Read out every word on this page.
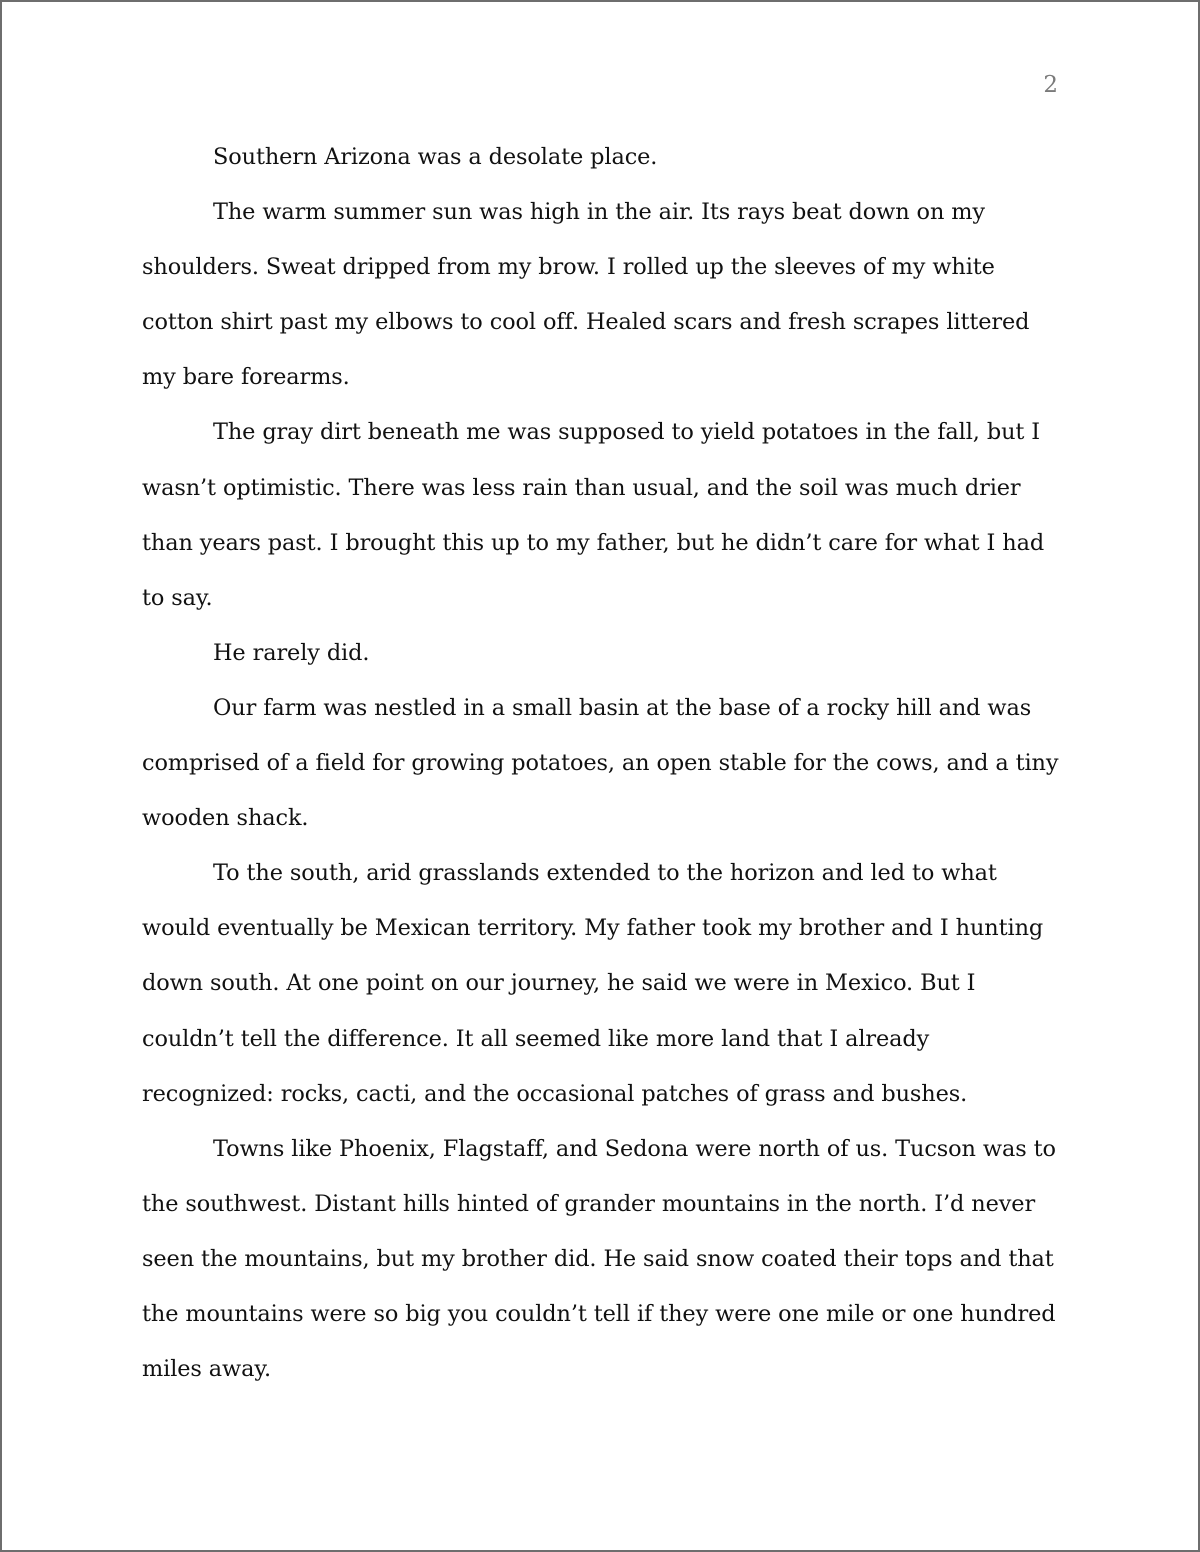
2

Southern Arizona was a desolate place.

The warm summer sun was high in the air. Its rays beat down on my shoulders. Sweat dripped from my brow. I rolled up the sleeves of my white cotton shirt past my elbows to cool off. Healed scars and fresh scrapes littered my bare forearms.

The gray dirt beneath me was supposed to yield potatoes in the fall, but I wasn’t optimistic. There was less rain than usual, and the soil was much drier than years past. I brought this up to my father, but he didn’t care for what I had to say.

He rarely did.

Our farm was nestled in a small basin at the base of a rocky hill and was comprised of a field for growing potatoes, an open stable for the cows, and a tiny wooden shack.

To the south, arid grasslands extended to the horizon and led to what would eventually be Mexican territory. My father took my brother and I hunting down south. At one point on our journey, he said we were in Mexico. But I couldn’t tell the difference. It all seemed like more land that I already recognized: rocks, cacti, and the occasional patches of grass and bushes.

Towns like Phoenix, Flagstaff, and Sedona were north of us. Tucson was to the southwest. Distant hills hinted of grander mountains in the north. I’d never seen the mountains, but my brother did. He said snow coated their tops and that the mountains were so big you couldn’t tell if they were one mile or one hundred miles away.
